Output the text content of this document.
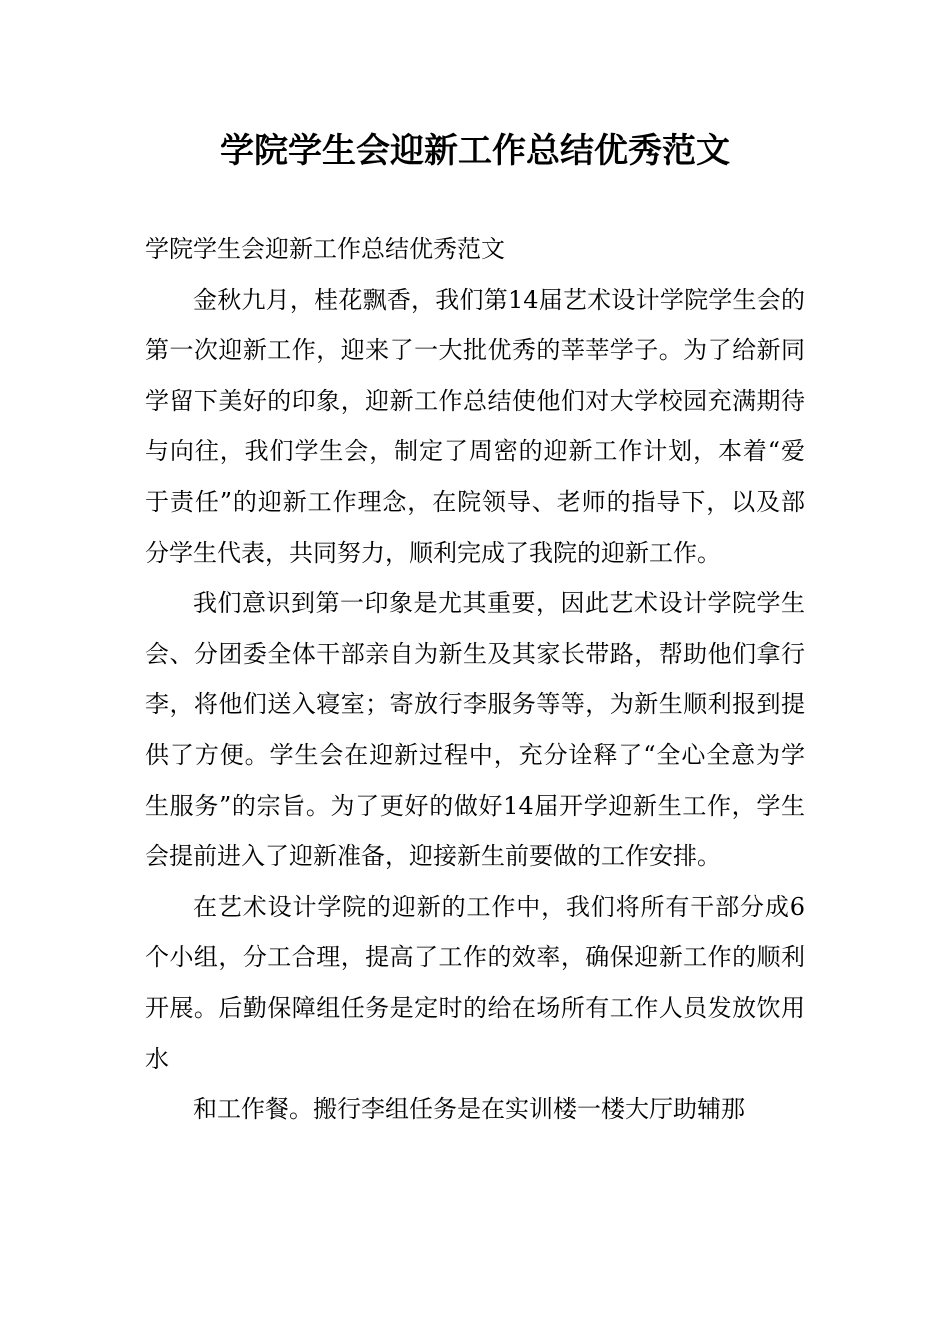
学院学生会迎新工作总结优秀范文

学院学生会迎新工作总结优秀范文

金秋九月，桂花飘香，我们第14届艺术设计学院学生会的第一次迎新工作，迎来了一大批优秀的莘莘学子。为了给新同学留下美好的印象，迎新工作总结使他们对大学校园充满期待与向往，我们学生会，制定了周密的迎新工作计划，本着“爱于责任”的迎新工作理念，在院领导、老师的指导下，以及部分学生代表，共同努力，顺利完成了我院的迎新工作。

我们意识到第一印象是尤其重要，因此艺术设计学院学生会、分团委全体干部亲自为新生及其家长带路，帮助他们拿行李，将他们送入寝室；寄放行李服务等等，为新生顺利报到提供了方便。学生会在迎新过程中，充分诠释了“全心全意为学生服务”的宗旨。为了更好的做好14届开学迎新生工作，学生会提前进入了迎新准备，迎接新生前要做的工作安排。

在艺术设计学院的迎新的工作中，我们将所有干部分成6个小组，分工合理，提高了工作的效率，确保迎新工作的顺利开展。后勤保障组任务是定时的给在场所有工作人员发放饮用水

和工作餐。搬行李组任务是在实训楼一楼大厅助辅那
